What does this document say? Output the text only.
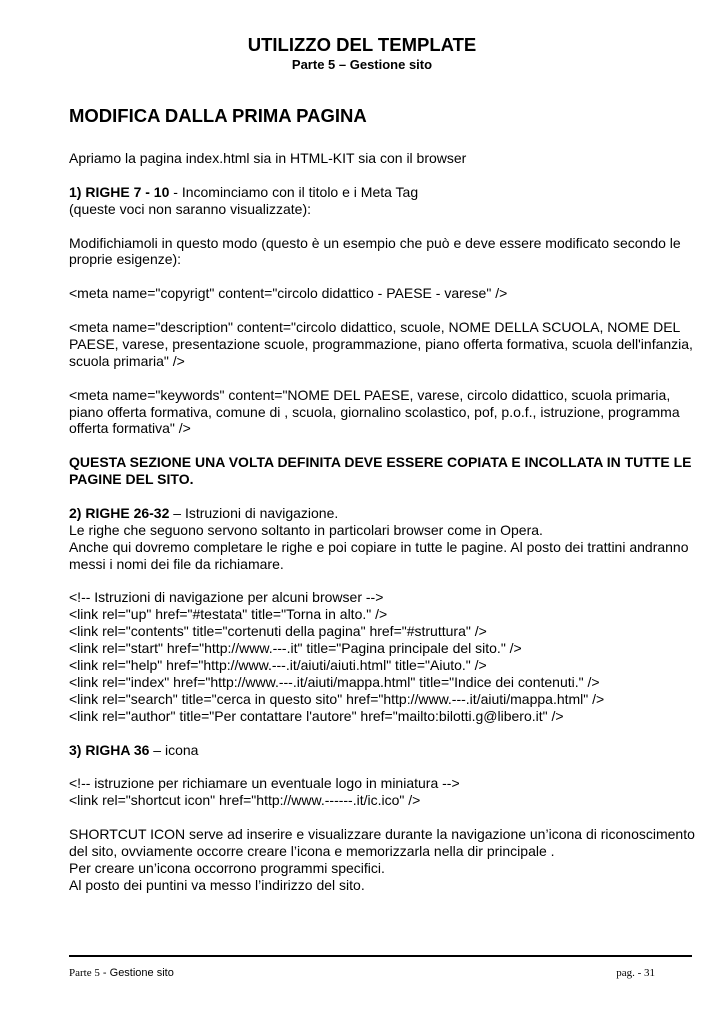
UTILIZZO DEL TEMPLATE
Parte 5 – Gestione sito
MODIFICA DALLA PRIMA PAGINA

Apriamo la pagina index.html sia in HTML-KIT sia con il browser

1) RIGHE 7 - 10 - Incominciamo con il titolo e i Meta Tag
(queste voci non saranno visualizzate):

Modifichiamoli in questo modo (questo è un esempio che può e deve essere modificato secondo le proprie esigenze):

<meta name="copyrigt" content="circolo didattico - PAESE - varese" />

<meta name="description" content="circolo didattico, scuole, NOME DELLA SCUOLA, NOME DEL PAESE, varese, presentazione scuole, programmazione, piano offerta formativa, scuola dell'infanzia, scuola primaria" />

<meta name="keywords" content="NOME DEL PAESE, varese, circolo didattico, scuola primaria, piano offerta formativa, comune di , scuola, giornalino scolastico, pof, p.o.f., istruzione, programma offerta formativa" />

QUESTA SEZIONE UNA VOLTA DEFINITA DEVE ESSERE COPIATA E INCOLLATA IN TUTTE LE PAGINE DEL SITO.

2) RIGHE 26-32 – Istruzioni di navigazione.
Le righe che seguono servono soltanto in particolari browser come in Opera.
Anche qui dovremo completare le righe e poi copiare in tutte le pagine. Al posto dei trattini andranno messi i nomi dei file da richiamare.

<!-- Istruzioni di navigazione per alcuni browser -->
<link rel="up" href="#testata" title="Torna in alto." />
<link rel="contents" title="cortenuti della pagina" href="#struttura" />
<link rel="start" href="http://www.---.it" title="Pagina principale del sito." />
<link rel="help" href="http://www.---.it/aiuti/aiuti.html" title="Aiuto." />
<link rel="index" href="http://www.---.it/aiuti/mappa.html" title="Indice dei contenuti." />
<link rel="search" title="cerca in questo sito" href="http://www.---.it/aiuti/mappa.html" />
<link rel="author" title="Per contattare l'autore" href="mailto:bilotti.g@libero.it" />

3) RIGHA 36 – icona

<!-- istruzione per richiamare un eventuale logo in miniatura -->
<link rel="shortcut icon" href="http://www.------.it/ic.ico" />

SHORTCUT ICON serve ad inserire e visualizzare durante la navigazione un’icona di riconoscimento del sito, ovviamente occorre creare l’icona e memorizzarla nella dir principale .
Per creare un’icona occorrono programmi specifici.
Al posto dei puntini va messo l’indirizzo del sito.

Parte 5 - Gestione sito	pag. - 31
